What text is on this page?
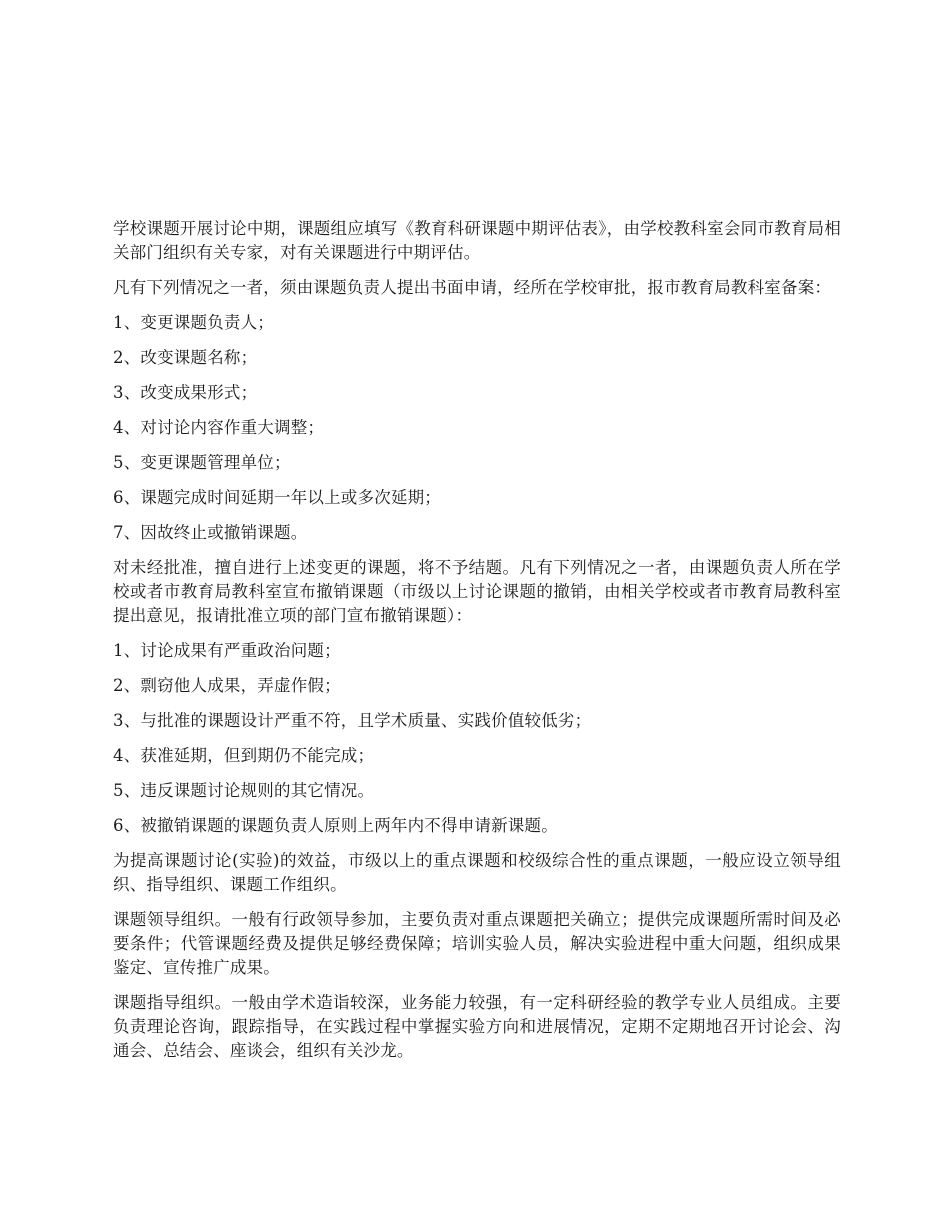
学校课题开展讨论中期，课题组应填写《教育科研课题中期评估表》，由学校教科室会同市教育局相关部门组织有关专家，对有关课题进行中期评估。

凡有下列情况之一者，须由课题负责人提出书面申请，经所在学校审批，报市教育局教科室备案：

1、变更课题负责人；

2、改变课题名称；

3、改变成果形式；

4、对讨论内容作重大调整；

5、变更课题管理单位；

6、课题完成时间延期一年以上或多次延期；

7、因故终止或撤销课题。

对未经批准，擅自进行上述变更的课题，将不予结题。凡有下列情况之一者，由课题负责人所在学校或者市教育局教科室宣布撤销课题（市级以上讨论课题的撤销，由相关学校或者市教育局教科室提出意见，报请批准立项的部门宣布撤销课题）：

1、讨论成果有严重政治问题；

2、剽窃他人成果，弄虚作假；

3、与批准的课题设计严重不符，且学术质量、实践价值较低劣；

4、获准延期，但到期仍不能完成；

5、违反课题讨论规则的其它情况。

6、被撤销课题的课题负责人原则上两年内不得申请新课题。

为提高课题讨论(实验)的效益，市级以上的重点课题和校级综合性的重点课题，一般应设立领导组织、指导组织、课题工作组织。

课题领导组织。一般有行政领导参加，主要负责对重点课题把关确立；提供完成课题所需时间及必要条件；代管课题经费及提供足够经费保障；培训实验人员，解决实验进程中重大问题，组织成果鉴定、宣传推广成果。

课题指导组织。一般由学术造诣较深，业务能力较强，有一定科研经验的教学专业人员组成。主要负责理论咨询，跟踪指导，在实践过程中掌握实验方向和进展情况，定期不定期地召开讨论会、沟通会、总结会、座谈会，组织有关沙龙。
